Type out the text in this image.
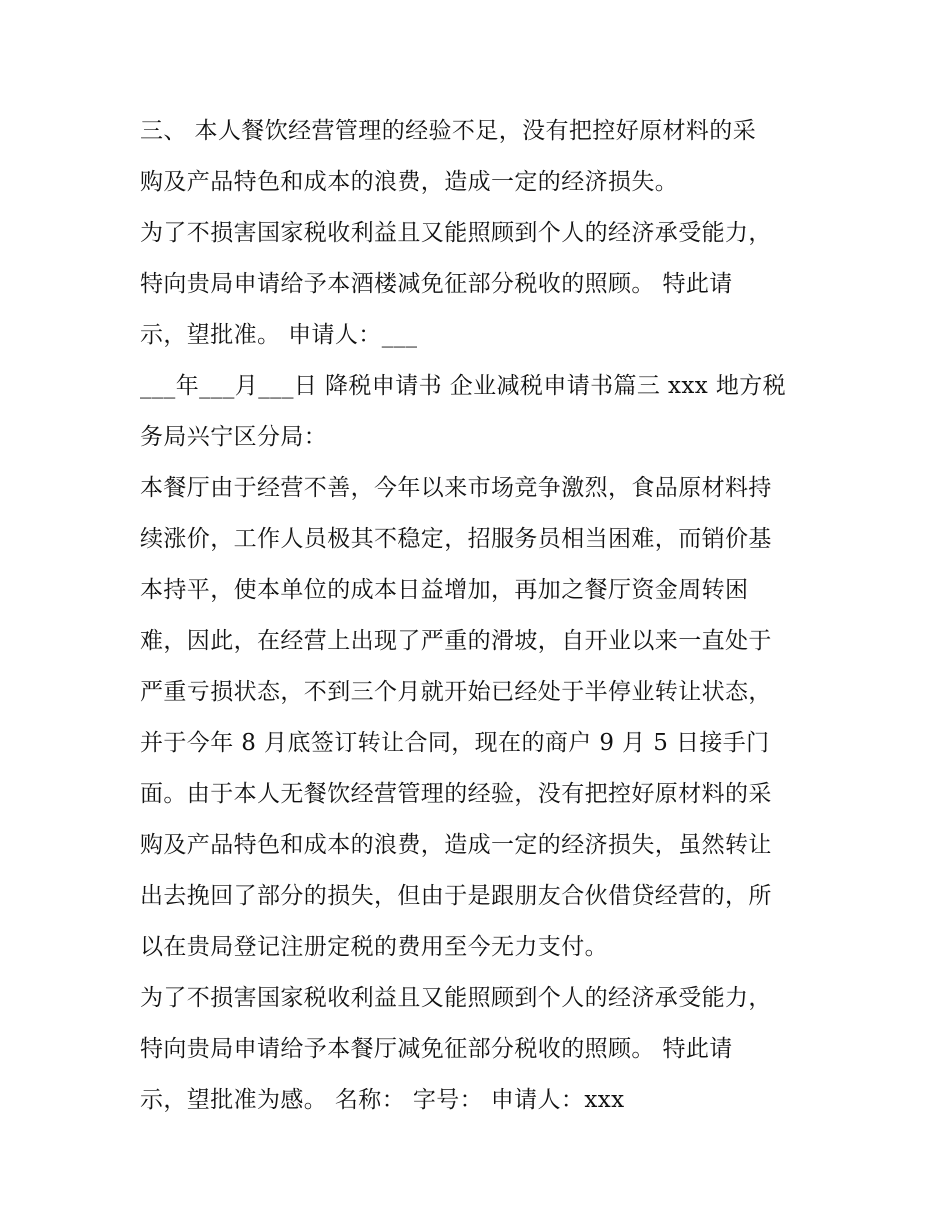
三、 本人餐饮经营管理的经验不足，没有把控好原材料的采
购及产品特色和成本的浪费，造成一定的经济损失。
为了不损害国家税收利益且又能照顾到个人的经济承受能力，
特向贵局申请给予本酒楼减免征部分税收的照顾。 特此请
示，望批准。 申请人：___
___年___月___日 降税申请书 企业减税申请书篇三 xxx 地方税
务局兴宁区分局：
本餐厅由于经营不善，今年以来市场竞争激烈，食品原材料持
续涨价，工作人员极其不稳定，招服务员相当困难，而销价基
本持平，使本单位的成本日益增加，再加之餐厅资金周转困
难，因此，在经营上出现了严重的滑坡，自开业以来一直处于
严重亏损状态，不到三个月就开始已经处于半停业转让状态，
并于今年 8 月底签订转让合同，现在的商户 9 月 5 日接手门
面。由于本人无餐饮经营管理的经验，没有把控好原材料的采
购及产品特色和成本的浪费，造成一定的经济损失，虽然转让
出去挽回了部分的损失，但由于是跟朋友合伙借贷经营的，所
以在贵局登记注册定税的费用至今无力支付。
为了不损害国家税收利益且又能照顾到个人的经济承受能力，
特向贵局申请给予本餐厅减免征部分税收的照顾。 特此请
示，望批准为感。 名称： 字号： 申请人：xxx
